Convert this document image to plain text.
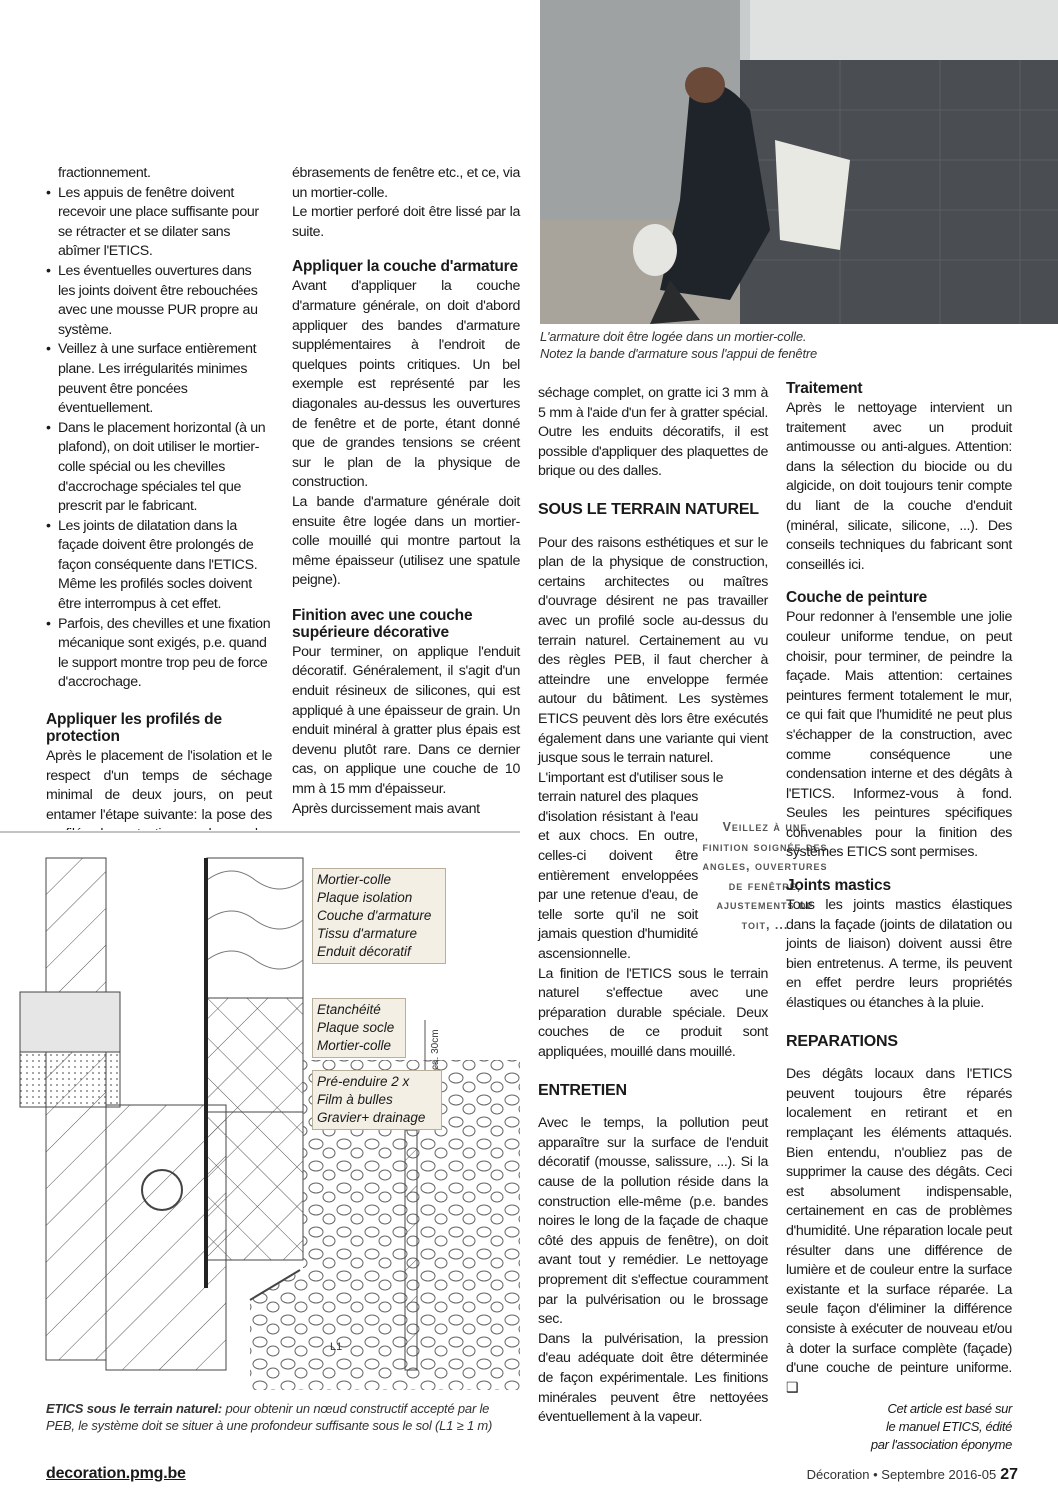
L'armature doit être logée dans un mortier-colle.
Notez la bande d'armature sous l'appui de fenêtre

fractionnement.

• Les appuis de fenêtre doivent recevoir une place suffisante pour se rétracter et se dilater sans abîmer l'ETICS.
• Les éventuelles ouvertures dans les joints doivent être rebouchées avec une mousse PUR propre au système.
• Veillez à une surface entièrement plane. Les irrégularités minimes peuvent être poncées éventuellement.
• Dans le placement horizontal (à un plafond), on doit utiliser le mortier-colle spécial ou les chevilles d'accrochage spéciales tel que prescrit par le fabricant.
• Les joints de dilatation dans la façade doivent être prolongés de façon conséquente dans l'ETICS. Même les profilés socles doivent être interrompus à cet effet.
• Parfois, des chevilles et une fixation mécanique sont exigés, p.e. quand le support montre trop peu de force d'accrochage.
Appliquer les profilés de protection

Après le placement de l'isolation et le respect d'un temps de séchage minimal de deux jours, on peut entamer l'étape suivante: la pose des

ébrasements de fenêtre etc., et ce, via un mortier-colle.

Le mortier perforé doit être lissé par la suite.

Appliquer la couche d'armature

Avant d'appliquer la couche d'armature générale, on doit d'abord appliquer des bandes d'armature supplémentaires à l'endroit de quelques points critiques. Un bel exemple est représenté par les diagonales au-dessus les ouvertures de fenêtre et de porte, étant donné que de grandes tensions se créent sur le plan de la physique de construction.

La bande d'armature générale doit ensuite être logée dans un mortier-colle mouillé qui montre partout la même épaisseur (utilisez une spatule peigne).

Finition avec une couche supérieure décorative

Pour terminer, on applique l'enduit décoratif. Généralement, il s'agit d'un enduit résineux de silicones, qui est appliqué à une épaisseur de grain. Un enduit minéral à gratter plus épais est devenu plutôt rare. Dans ce dernier cas, on applique une couche de 10 mm à 15 mm d'épaisseur.

Après durcissement mais avant

séchage complet, on gratte ici 3 mm à 5 mm à l'aide d'un fer à gratter spécial. Outre les enduits décoratifs, il est possible d'appliquer des plaquettes de brique ou des dalles.

SOUS LE TERRAIN NATUREL

Pour des raisons esthétiques et sur le plan de la physique de construction, certains architectes ou maîtres d'ouvrage désirent ne pas travailler avec un profilé socle au-dessus du terrain naturel. Certainement au vu des règles PEB, il faut chercher à atteindre une enveloppe fermée autour du bâtiment. Les systèmes ETICS peuvent dès lors être exécutés également dans une variante qui vient jusque sous le terrain naturel.

L'important est d'utiliser sous le

terrain naturel des plaques d'isolation résistant à l'eau et aux chocs. En outre, celles-ci doivent être entièrement enveloppées par une retenue d'eau, de telle sorte qu'il ne soit jamais question d'humidité ascensionnelle.

La finition de l'ETICS sous le terrain naturel s'effectue avec une préparation durable spéciale. Deux couches de ce produit sont appliquées, mouillé dans mouillé.

ENTRETIEN

Avec le temps, la pollution peut apparaître sur la surface de l'enduit décoratif (mousse, salissure, ...). Si la cause de la pollution réside dans la construction elle-même (p.e. bandes noires le long de la façade de chaque côté des appuis de fenêtre), on doit avant tout y remédier. Le nettoyage proprement dit s'effectue couramment par la pulvérisation ou le brossage sec.

Dans la pulvérisation, la pression d'eau adéquate doit être déterminée de façon expérimentale. Les finitions minérales peuvent être nettoyées éventuellement à la vapeur.

Veillez à une finition soignée des angles, ouvertures de fenêtre, ajustements de toit, ...
Traitement

Après le nettoyage intervient un traitement avec un produit antimousse ou anti-algues. Attention: dans la sélection du biocide ou du algicide, on doit toujours tenir compte du liant de la couche d'enduit (minéral, silicate, silicone, ...). Des conseils techniques du fabricant sont conseillés ici.

Couche de peinture

Pour redonner à l'ensemble une jolie couleur uniforme tendue, on peut choisir, pour terminer, de peindre la façade. Mais attention: certaines peintures ferment totalement le mur, ce qui fait que l'humidité ne peut plus s'échapper de la construction, avec comme conséquence une condensation interne et des dégâts à l'ETICS. Informez-vous à fond. Seules les peintures spécifiques convenables pour la finition des systèmes ETICS sont permises.

Joints mastics

Tous les joints mastics élastiques dans la façade (joints de dilatation ou joints de liaison) doivent aussi être bien entretenus. A terme, ils peuvent en effet perdre leurs propriétés élastiques ou étanches à la pluie.

REPARATIONS

Des dégâts locaux dans l'ETICS peuvent toujours être réparés localement en retirant et en remplaçant les éléments attaqués. Bien entendu, n'oubliez pas de supprimer la cause des dégâts. Ceci est absolument indispensable, certainement en cas de problèmes d'humidité. Une réparation locale peut résulter dans une différence de lumière et de couleur entre la surface existante et la surface réparée. La seule façon d'éliminer la différence consiste à exécuter de nouveau et/ou à doter la surface complète (façade) d'une couche de peinture uniforme. ❑

Cet article est basé sur
le manuel ETICS, édité
par l'association éponyme
ca. 30cm
L1
Mortier-colle
Plaque isolation
Couche d'armature
Tissu d'armature
Enduit décoratif
Etanchéité
Plaque socle
Mortier-colle
Pré-enduire 2 x
Film à bulles
Gravier+ drainage
ETICS sous le terrain naturel: pour obtenir un nœud constructif accepté par le
PEB, le système doit se situer à une profondeur suffisante sous le sol (L1 ≥ 1 m)
decoration.pmg.be	Décoration • Septembre 2016-05 27
